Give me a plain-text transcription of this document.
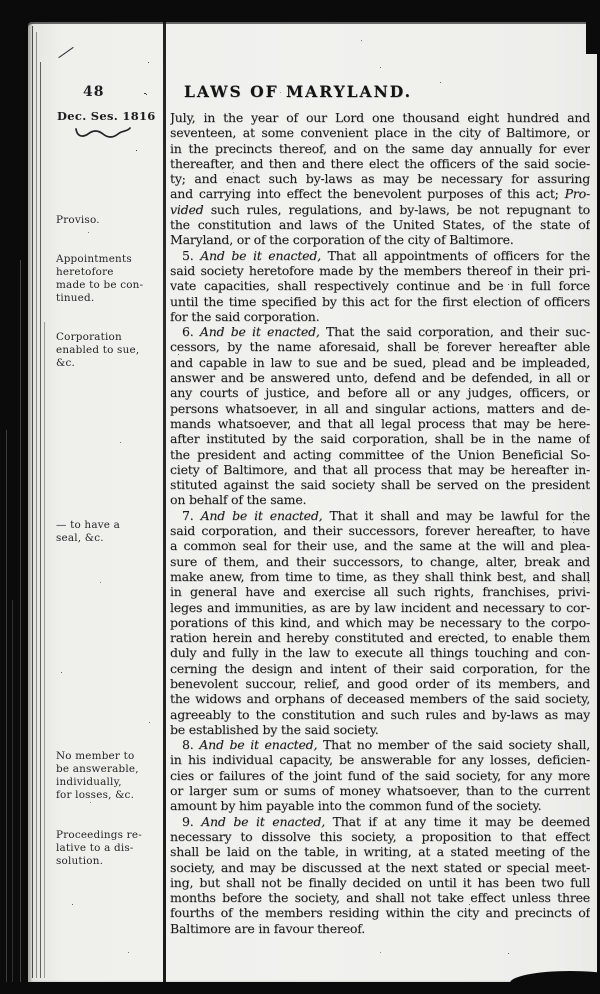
48	LAWS OF MARYLAND.
Dec. Ses. 1816
Proviso.
Appointments
heretofore
made to be con-
tinued.
Corporation
enabled to sue,
&c.
— to have a
seal, &c.
No member to
be answerable,
individually,
for losses, &c.
Proceedings re-
lative to a dis-
solution.
July, in the year of our Lord one thousand eight hundred and
seventeen, at some convenient place in the city of Baltimore, or
in the precincts thereof, and on the same day annually for ever
thereafter, and then and there elect the officers of the said socie-
ty; and enact such by-laws as may be necessary for assuring
and carrying into effect the benevolent purposes of this act; Pro-
vided such rules, regulations, and by-laws, be not repugnant to
the constitution and laws of the United States, of the state of
Maryland, or of the corporation of the city of Baltimore.
5. And be it enacted, That all appointments of officers for the
said society heretofore made by the members thereof in their pri-
vate capacities, shall respectively continue and be in full force
until the time specified by this act for the first election of officers
for the said corporation.
6. And be it enacted, That the said corporation, and their suc-
cessors, by the name aforesaid, shall be forever hereafter able
and capable in law to sue and be sued, plead and be impleaded,
answer and be answered unto, defend and be defended, in all or
any courts of justice, and before all or any judges, officers, or
persons whatsoever, in all and singular actions, matters and de-
mands whatsoever, and that all legal process that may be here-
after instituted by the said corporation, shall be in the name of
the president and acting committee of the Union Beneficial So-
ciety of Baltimore, and that all process that may be hereafter in-
stituted against the said society shall be served on the president
on behalf of the same.
7. And be it enacted, That it shall and may be lawful for the
said corporation, and their successors, forever hereafter, to have
a common seal for their use, and the same at the will and plea-
sure of them, and their successors, to change, alter, break and
make anew, from time to time, as they shall think best, and shall
in general have and exercise all such rights, franchises, privi-
leges and immunities, as are by law incident and necessary to cor-
porations of this kind, and which may be necessary to the corpo-
ration herein and hereby constituted and erected, to enable them
duly and fully in the law to execute all things touching and con-
cerning the design and intent of their said corporation, for the
benevolent succour, relief, and good order of its members, and
the widows and orphans of deceased members of the said society,
agreeably to the constitution and such rules and by-laws as may
be established by the said society.
8. And be it enacted, That no member of the said society shall,
in his individual capacity, be answerable for any losses, deficien-
cies or failures of the joint fund of the said society, for any more
or larger sum or sums of money whatsoever, than to the current
amount by him payable into the common fund of the society.
9. And be it enacted, That if at any time it may be deemed
necessary to dissolve this society, a proposition to that effect
shall be laid on the table, in writing, at a stated meeting of the
society, and may be discussed at the next stated or special meet-
ing, but shall not be finally decided on until it has been two full
months before the society, and shall not take effect unless three
fourths of the members residing within the city and precincts of
Baltimore are in favour thereof.
